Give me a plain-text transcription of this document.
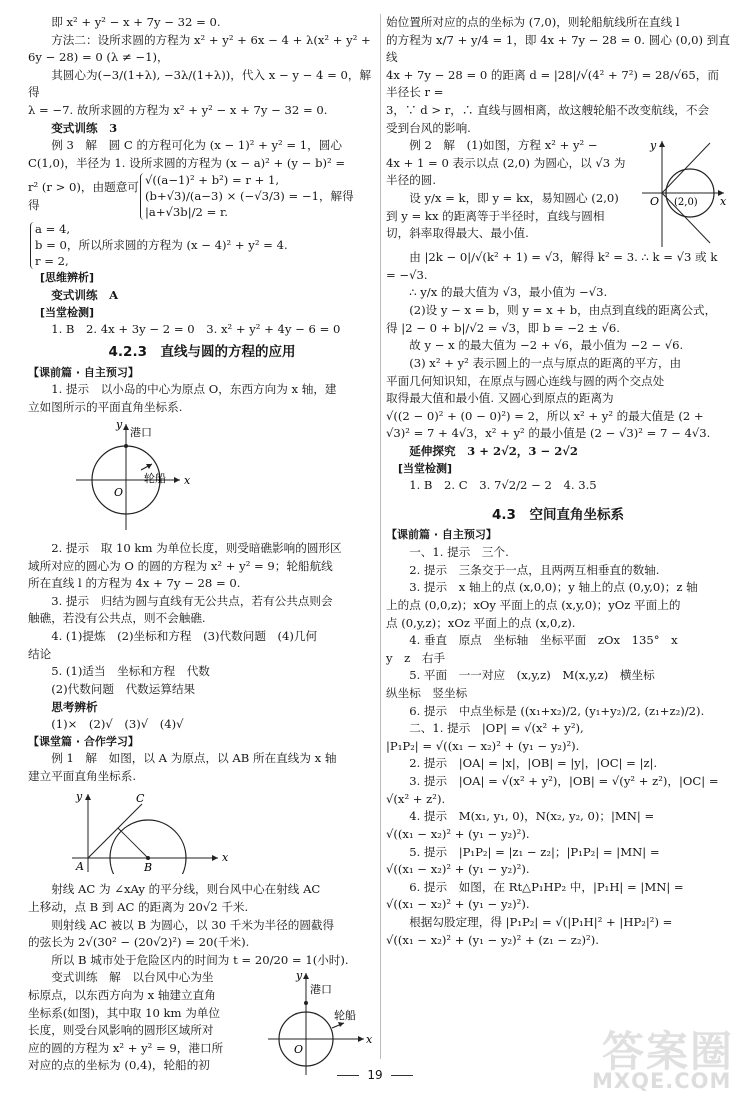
即 x² + y² − x + 7y − 32 = 0.

方法二：设所求圆的方程为 x² + y² + 6x − 4 + λ(x² + y² + 6y − 28) = 0 (λ ≠ −1)，

其圆心为(−3/(1+λ), −3λ/(1+λ))，代入 x − y − 4 = 0，解得

λ = −7. 故所求圆的方程为 x² + y² − x + 7y − 32 = 0.

变式训练　3

例 3　解　圆 C 的方程可化为 (x − 1)² + y² = 1，圆心

C(1,0)，半径为 1. 设所求圆的方程为 (x − a)² + (y − b)² =

r² (r > 0)，由题意可得
√((a−1)² + b²) = r + 1,
(b+√3)/(a−3) × (−√3/3) = −1，解得
|a+√3b|/2 = r.
a = 4,
b = 0，所以所求圆的方程为 (x − 4)² + y² = 4.
r = 2,

[思维辨析]

变式训练　A

[当堂检测]

1. B　2. 4x + 3y − 2 = 0　3. x² + y² + 4y − 6 = 0

4.2.3　直线与圆的方程的应用

【课前篇 · 自主预习】

1. 提示　以小岛的中心为原点 O，东西方向为 x 轴，建

立如图所示的平面直角坐标系.

y
港口
x
O
轮船

2. 提示　取 10 km 为单位长度，则受暗礁影响的圆形区

域所对应的圆心为 O 的圆的方程为 x² + y² = 9；轮船航线

所在直线 l 的方程为 4x + 7y − 28 = 0.

3. 提示　归结为圆与直线有无公共点，若有公共点则会

触礁，若没有公共点，则不会触礁.

4. (1)提炼　(2)坐标和方程　(3)代数问题　(4)几何

结论

5. (1)适当　坐标和方程　代数

(2)代数问题　代数运算结果

思考辨析

(1)×　(2)√　(3)√　(4)√

【课堂篇 · 合作学习】

例 1　解　如图，以 A 为原点，以 AB 所在直线为 x 轴

建立平面直角坐标系.

y
x
C
A	B

射线 AC 为 ∠xAy 的平分线，则台风中心在射线 AC

上移动，点 B 到 AC 的距离为 20√2 千米.

则射线 AC 被以 B 为圆心，以 30 千米为半径的圆截得

的弦长为 2√(30² − (20√2)²) = 20(千米).

所以 B 城市处于危险区内的时间为 t = 20/20 = 1(小时).

变式训练　解　以台风中心为坐

标原点，以东西方向为 x 轴建立直角

坐标系(如图)，其中取 10 km 为单位

长度，则受台风影响的圆形区域所对

应的圆的方程为 x² + y² = 9，港口所

对应的点的坐标为 (0,4)，轮船的初

y
港口
x
O
轮船

始位置所对应的点的坐标为 (7,0)，则轮船航线所在直线 l

的方程为 x/7 + y/4 = 1，即 4x + 7y − 28 = 0. 圆心 (0,0) 到直线

4x + 7y − 28 = 0 的距离 d = |28|/√(4² + 7²) = 28/√65，而半径长 r =

3，∵ d > r，∴ 直线与圆相离，故这艘轮船不改变航线，不会

受到台风的影响.

例 2　解　(1)如图，方程 x² + y² −

4x + 1 = 0 表示以点 (2,0) 为圆心，以 √3 为

半径的圆.

设 y/x = k，即 y = kx，易知圆心 (2,0)

到 y = kx 的距离等于半径时，直线与圆相

切，斜率取得最大、最小值.

y
x
O (2,0)

由 |2k − 0|/√(k² + 1) = √3，解得 k² = 3. ∴ k = √3 或 k = −√3.

∴ y/x 的最大值为 √3，最小值为 −√3.

(2)设 y − x = b，则 y = x + b，由点到直线的距离公式，

得 |2 − 0 + b|/√2 = √3，即 b = −2 ± √6.

故 y − x 的最大值为 −2 + √6，最小值为 −2 − √6.

(3) x² + y² 表示圆上的一点与原点的距离的平方，由

平面几何知识知，在原点与圆心连线与圆的两个交点处

取得最大值和最小值. 又圆心到原点的距离为

√((2 − 0)² + (0 − 0)²) = 2，所以 x² + y² 的最大值是 (2 +

√3)² = 7 + 4√3，x² + y² 的最小值是 (2 − √3)² = 7 − 4√3.

延伸探究　3 + 2√2，3 − 2√2

[当堂检测]

1. B　2. C　3. 7√2/2 − 2　4. 3.5

4.3　空间直角坐标系

【课前篇 · 自主预习】

一、1. 提示　三个.

2. 提示　三条交于一点，且两两互相垂直的数轴.

3. 提示　x 轴上的点 (x,0,0)；y 轴上的点 (0,y,0)；z 轴

上的点 (0,0,z)；xOy 平面上的点 (x,y,0)；yOz 平面上的

点 (0,y,z)；xOz 平面上的点 (x,0,z).

4. 垂直　原点　坐标轴　坐标平面　zOx　135°　x

y　z　右手

5. 平面　一一对应　(x,y,z)　M(x,y,z)　横坐标

纵坐标　竖坐标

6. 提示　中点坐标是 ((x₁+x₂)/2, (y₁+y₂)/2, (z₁+z₂)/2).

二、1. 提示　|OP| = √(x² + y²),

|P₁P₂| = √((x₁ − x₂)² + (y₁ − y₂)²).

2. 提示　|OA| = |x|，|OB| = |y|，|OC| = |z|.

3. 提示　|OA| = √(x² + y²)，|OB| = √(y² + z²)，|OC| =

√(x² + z²).

4. 提示　M(x₁, y₁, 0)，N(x₂, y₂, 0)；|MN| =

√((x₁ − x₂)² + (y₁ − y₂)²).

5. 提示　|P₁P₂| = |z₁ − z₂|；|P₁P₂| = |MN| =

√((x₁ − x₂)² + (y₁ − y₂)²).

6. 提示　如图，在 Rt△P₁HP₂ 中，|P₁H| = |MN| =

√((x₁ − x₂)² + (y₁ − y₂)²).

根据勾股定理，得 |P₁P₂| = √(|P₁H|² + |HP₂|²) =

√((x₁ − x₂)² + (y₁ − y₂)² + (z₁ − z₂)²).

19	答案圈
MXQE.COM
